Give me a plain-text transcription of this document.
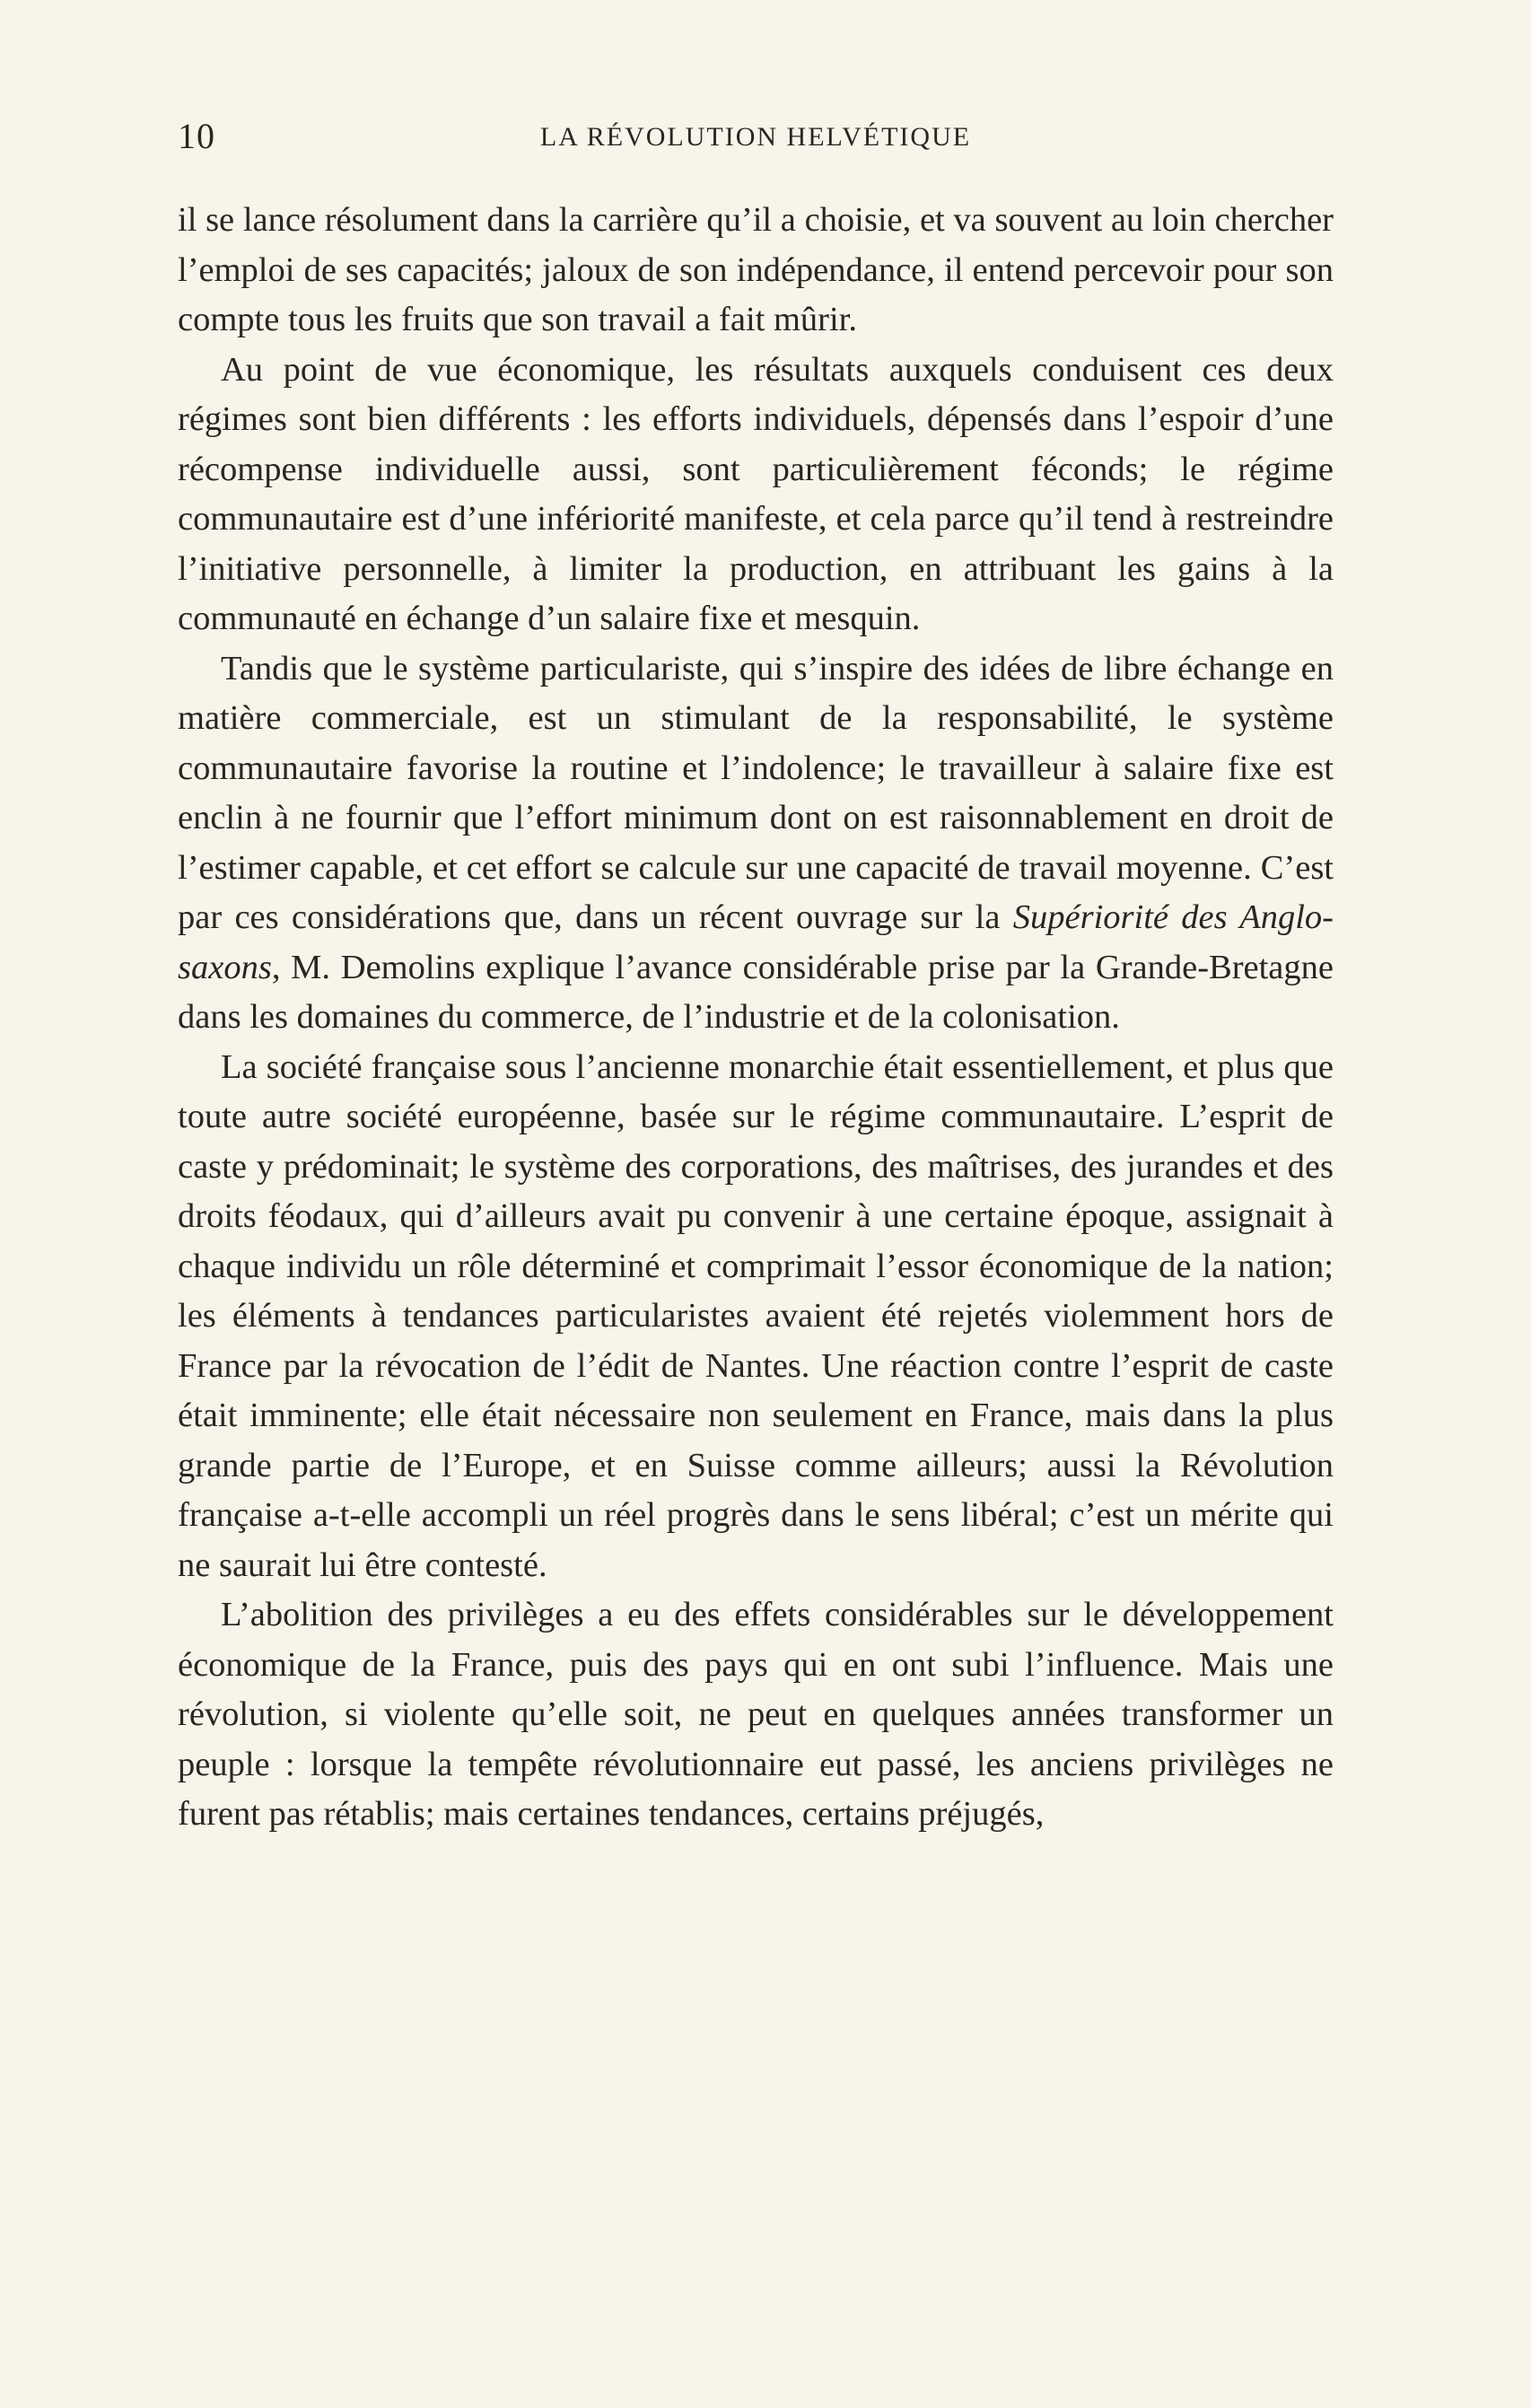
10	LA RÉVOLUTION HELVÉTIQUE

il se lance résolument dans la carrière qu’il a choisie, et va souvent au loin chercher l’emploi de ses capacités; jaloux de son indépendance, il entend percevoir pour son compte tous les fruits que son travail a fait mûrir.

Au point de vue économique, les résultats auxquels conduisent ces deux régimes sont bien différents : les efforts individuels, dépensés dans l’espoir d’une récompense individuelle aussi, sont particulièrement féconds; le régime communautaire est d’une infériorité manifeste, et cela parce qu’il tend à restreindre l’initiative personnelle, à limiter la production, en attribuant les gains à la communauté en échange d’un salaire fixe et mesquin.

Tandis que le système particulariste, qui s’inspire des idées de libre échange en matière commerciale, est un stimulant de la responsabilité, le système communautaire favorise la routine et l’indolence; le travailleur à salaire fixe est enclin à ne fournir que l’effort minimum dont on est raisonnablement en droit de l’estimer capable, et cet effort se calcule sur une capacité de travail moyenne. C’est par ces considérations que, dans un récent ouvrage sur la Supériorité des Anglo-saxons, M. Demolins explique l’avance considérable prise par la Grande-Bretagne dans les domaines du commerce, de l’industrie et de la colonisation.

La société française sous l’ancienne monarchie était essentiellement, et plus que toute autre société européenne, basée sur le régime communautaire. L’esprit de caste y prédominait; le système des corporations, des maîtrises, des jurandes et des droits féodaux, qui d’ailleurs avait pu convenir à une certaine époque, assignait à chaque individu un rôle déterminé et comprimait l’essor économique de la nation; les éléments à tendances particularistes avaient été rejetés violemment hors de France par la révocation de l’édit de Nantes. Une réaction contre l’esprit de caste était imminente; elle était nécessaire non seulement en France, mais dans la plus grande partie de l’Europe, et en Suisse comme ailleurs; aussi la Révolution française a-t-elle accompli un réel progrès dans le sens libéral; c’est un mérite qui ne saurait lui être contesté.

L’abolition des privilèges a eu des effets considérables sur le développement économique de la France, puis des pays qui en ont subi l’influence. Mais une révolution, si violente qu’elle soit, ne peut en quelques années transformer un peuple : lorsque la tempête révolutionnaire eut passé, les anciens privilèges ne furent pas rétablis; mais certaines tendances, certains préjugés,
